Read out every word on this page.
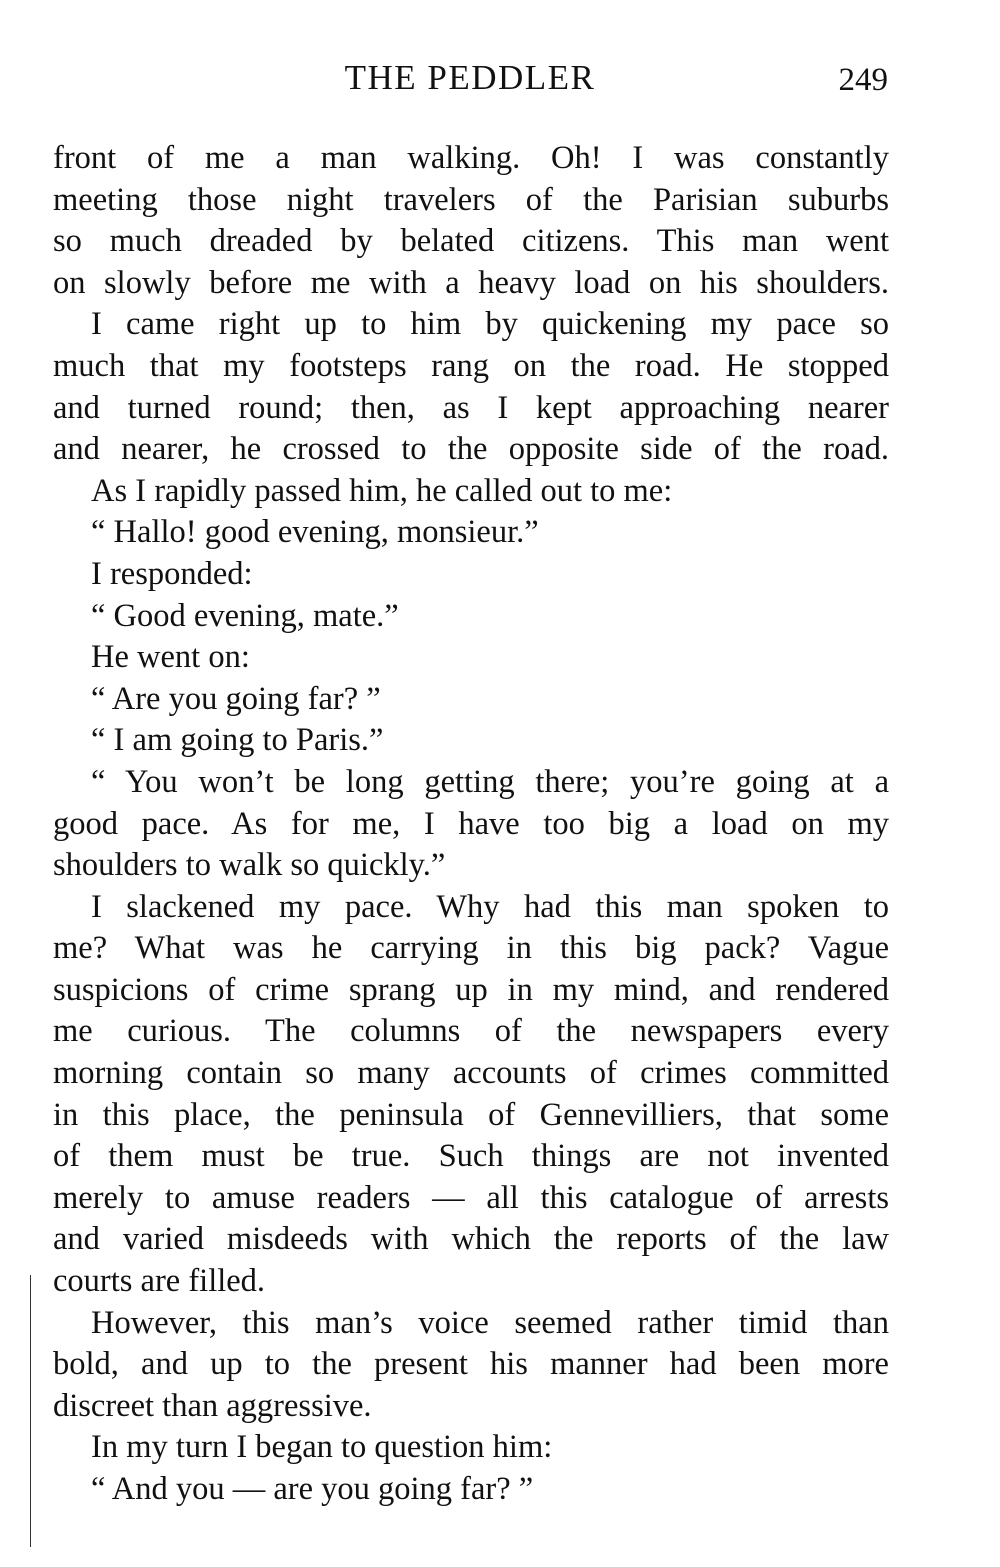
THE PEDDLER	249
front of me a man walking. Oh! I was constantly
meeting those night travelers of the Parisian suburbs
so much dreaded by belated citizens. This man went
on slowly before me with a heavy load on his shoulders.
I came right up to him by quickening my pace so
much that my footsteps rang on the road. He stopped
and turned round; then, as I kept approaching nearer
and nearer, he crossed to the opposite side of the road.
As I rapidly passed him, he called out to me:
“ Hallo! good evening, monsieur.”
I responded:
“ Good evening, mate.”
He went on:
“ Are you going far? ”
“ I am going to Paris.”
“ You won’t be long getting there; you’re going at a
good pace. As for me, I have too big a load on my
shoulders to walk so quickly.”
I slackened my pace. Why had this man spoken to
me? What was he carrying in this big pack? Vague
suspicions of crime sprang up in my mind, and rendered
me curious. The columns of the newspapers every
morning contain so many accounts of crimes committed
in this place, the peninsula of Gennevilliers, that some
of them must be true. Such things are not invented
merely to amuse readers — all this catalogue of arrests
and varied misdeeds with which the reports of the law
courts are filled.
However, this man’s voice seemed rather timid than
bold, and up to the present his manner had been more
discreet than aggressive.
In my turn I began to question him:
“ And you — are you going far? ”
